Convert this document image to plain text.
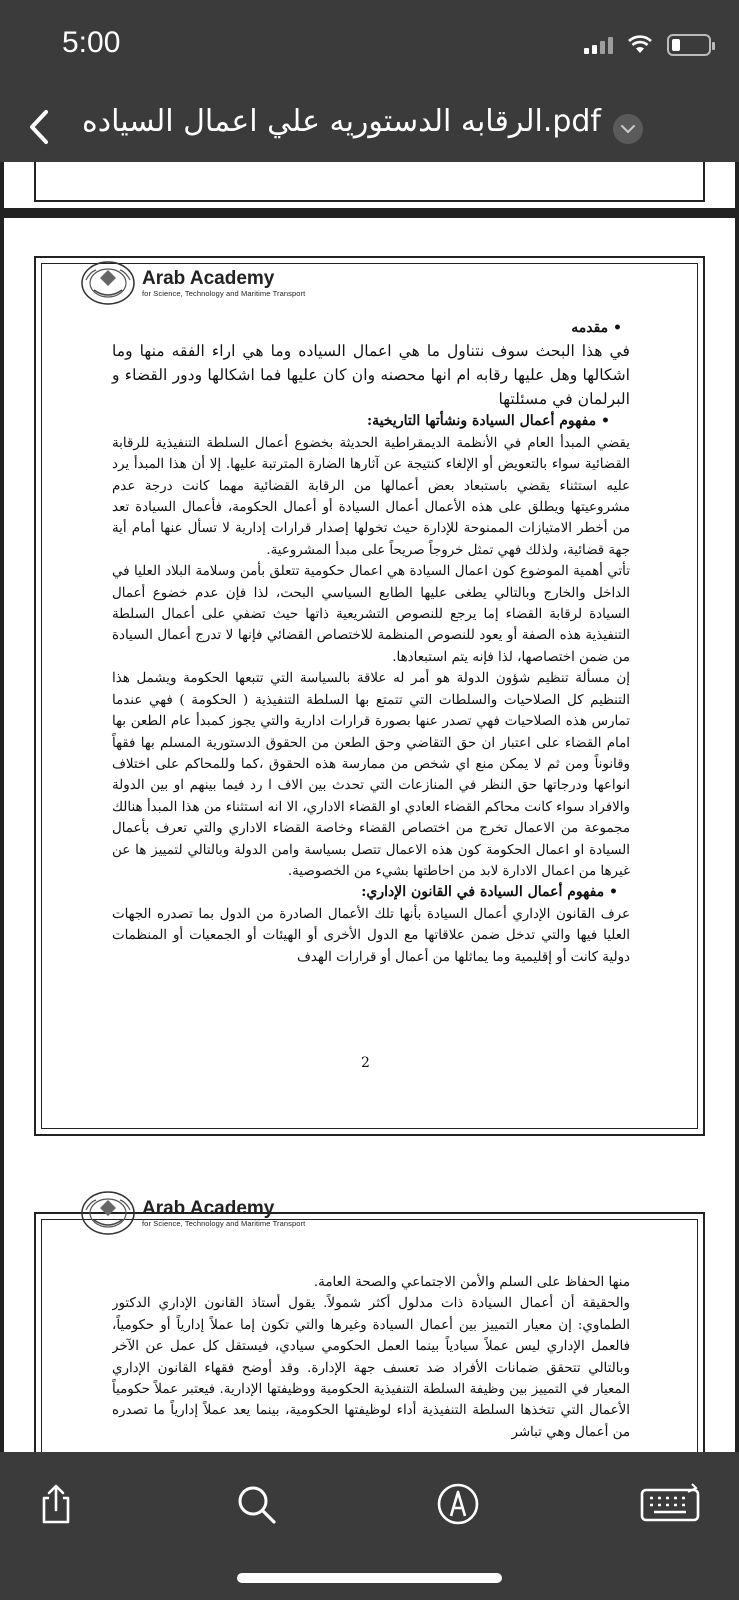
5:00
الرقابه الدستوريه علي اعمال السياده.pdf
Arab Academy
for Science, Technology and Maritime Transport

• مقدمه

في هذا البحث سوف نتناول ما هي اعمال السياده وما هي اراء الفقه منها وما اشكالها وهل عليها رقابه ام انها محصنه وان كان عليها فما اشكالها ودور القضاء و البرلمان في مسئلتها

• مفهوم أعمال السيادة ونشأتها التاريخية:

يقضي المبدأ العام في الأنظمة الديمقراطية الحديثة بخضوع أعمال السلطة التنفيذية للرقابة القضائية سواء بالتعويض أو الإلغاء كنتيجة عن آثارها الضارة المترتبة عليها. إلا أن هذا المبدأ يرد عليه استثناء يقضي باستبعاد بعض أعمالها من الرقابة القضائية مهما كانت درجة عدم مشروعيتها ويطلق على هذه الأعمال أعمال السيادة أو أعمال الحكومة، فأعمال السيادة تعد من أخطر الامتيازات الممنوحة للإدارة حيث تخولها إصدار قرارات إدارية لا تسأل عنها أمام أية جهة قضائية، ولذلك فهي تمثل خروجاً صريحاً على مبدأ المشروعية.

تأتي أهمية الموضوع كون اعمال السيادة هي اعمال حكومية تتعلق بأمن وسلامة البلاد العليا في الداخل والخارج وبالتالي يطغى عليها الطابع السياسي البحت، لذا فإن عدم خضوع أعمال السيادة لرقابة القضاء إما يرجع للنصوص التشريعية ذاتها حيث تضفي على أعمال السلطة التنفيذية هذه الصفة أو يعود للنصوص المنظمة للاختصاص القضائي فإنها لا تدرج أعمال السيادة من ضمن اختصاصها، لذا فإنه يتم استبعادها.

إن مسألة تنظيم شؤون الدولة هو أمر له علاقة بالسياسة التي تتبعها الحكومة ويشمل هذا التنظيم كل الصلاحيات والسلطات التي تتمتع بها السلطة التنفيذية ( الحكومة ) فهي عندما تمارس هذه الصلاحيات فهي تصدر عنها بصورة قرارات ادارية والتي يجوز كمبدأ عام الطعن بها امام القضاء على اعتبار ان حق التقاضي وحق الطعن من الحقوق الدستورية المسلم بها فقهاً وقانوناً ومن ثم لا يمكن منع اي شخص من ممارسة هذه الحقوق ،كما وللمحاكم على اختلاف انواعها ودرجاتها حق النظر في المنازعات التي تحدث بين الاف ا رد فيما بينهم او بين الدولة والافراد سواء كانت محاكم القضاء العادي او القضاء الاداري، الا انه استثناء من هذا المبدأ هنالك مجموعة من الاعمال تخرج من اختصاص القضاء وخاصة القضاء الاداري والتي تعرف بأعمال السيادة او اعمال الحكومة كون هذه الاعمال تتصل بسياسة وامن الدولة وبالتالي لتمييز ها عن غيرها من اعمال الادارة لابد من احاطتها بشيء من الخصوصية.

• مفهوم أعمال السيادة في القانون الإداري:

عرف القانون الإداري أعمال السيادة بأنها تلك الأعمال الصادرة من الدول بما تصدره الجهات العليا فيها والتي تدخل ضمن علاقاتها مع الدول الأخرى أو الهيئات أو الجمعيات أو المنظمات دولية كانت أو إقليمية وما يماثلها من أعمال أو قرارات الهدف

2
Arab Academy
for Science, Technology and Maritime Transport

منها الحفاظ على السلم والأمن الاجتماعي والصحة العامة.

والحقيقة أن أعمال السيادة ذات مدلول أكثر شمولاً. يقول أستاذ القانون الإداري الدكتور الطماوي: إن معيار التمييز بين أعمال السيادة وغيرها والتي تكون إما عملاً إدارياً أو حكومياً، فالعمل الإداري ليس عملاً سيادياً بينما العمل الحكومي سيادي، فيستقل كل عمل عن الآخر وبالتالي تتحقق ضمانات الأفراد ضد تعسف جهة الإدارة. وقد أوضح فقهاء القانون الإداري المعيار في التمييز بين وظيفة السلطة التنفيذية الحكومية ووظيفتها الإدارية. فيعتبر عملاً حكومياً الأعمال التي تتخذها السلطة التنفيذية أداء لوظيفتها الحكومية، بينما يعد عملاً إدارياً ما تصدره من أعمال وهي تباشر
